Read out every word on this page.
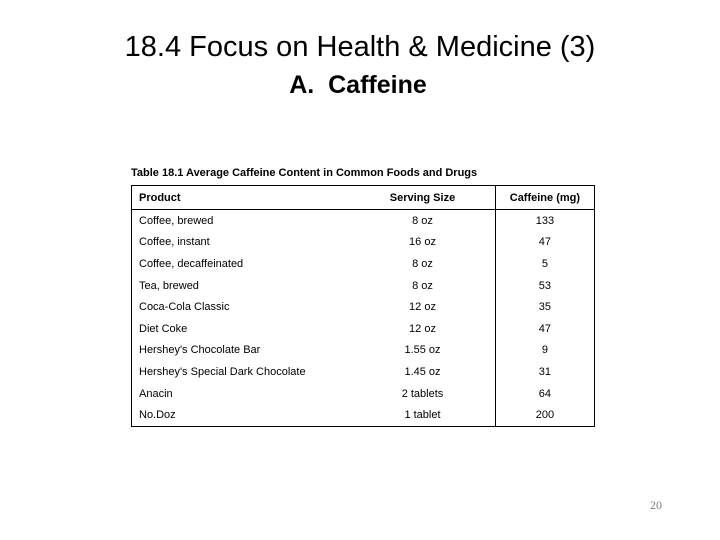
18.4 Focus on Health & Medicine (3)
A.  Caffeine
Table 18.1 Average Caffeine Content in Common Foods and Drugs
Product	Serving Size	Caffeine (mg)
Coffee, brewed	8 oz	133
Coffee, instant	16 oz	47
Coffee, decaffeinated	8 oz	5
Tea, brewed	8 oz	53
Coca-Cola Classic	12 oz	35
Diet Coke	12 oz	47
Hershey's Chocolate Bar	1.55 oz	9
Hershey's Special Dark Chocolate	1.45 oz	31
Anacin	2 tablets	64
No.Doz	1 tablet	200
20
